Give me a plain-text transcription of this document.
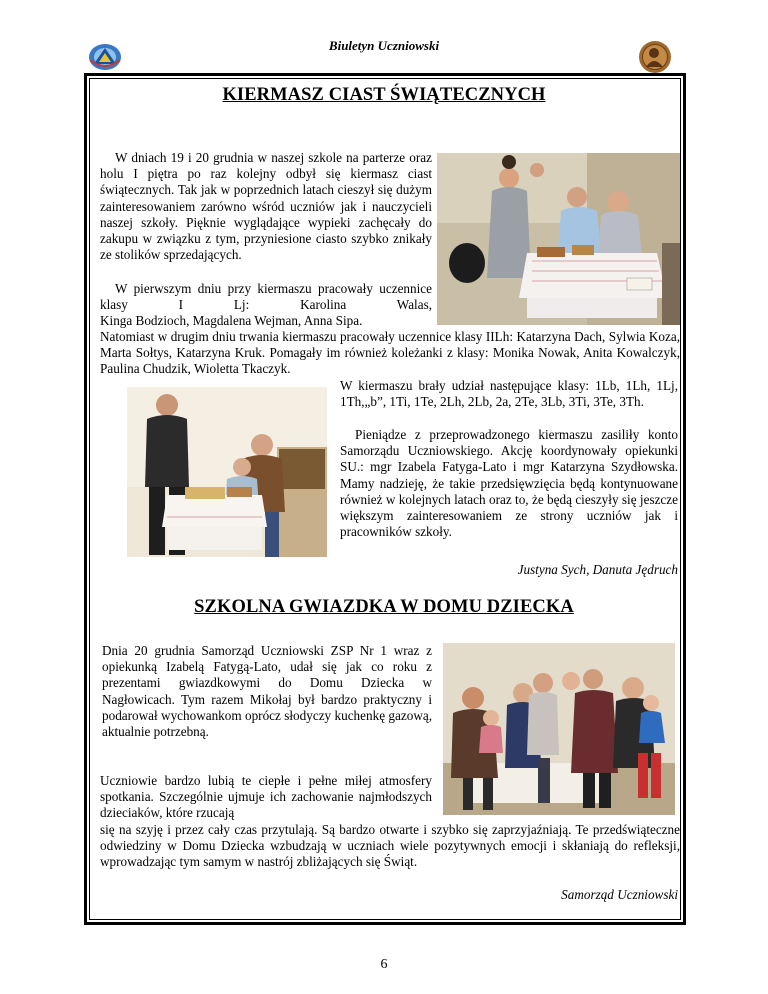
Biuletyn Uczniowski
KIERMASZ CIAST ŚWIĄTECZNYCH
W dniach 19 i 20 grudnia w naszej szkole na parterze oraz holu I piętra po raz kolejny odbył się kiermasz ciast świątecznych. Tak jak w poprzednich latach cieszył się dużym zainteresowaniem zarówno wśród uczniów jak i nauczycieli naszej szkoły. Pięknie wyglądające wypieki zachęcały do zakupu w związku z tym, przyniesione ciasto szybko znikały ze stolików sprzedających.
W pierwszym dniu przy kiermaszu pracowały uczennice klasy I Lj: Karolina Walas,
Kinga Bodzioch, Magdalena Wejman, Anna Sipa.
Natomiast w drugim dniu trwania kiermaszu pracowały uczennice klasy IILh: Katarzyna Dach, Sylwia Koza, Marta Sołtys, Katarzyna Kruk. Pomagały im również koleżanki z klasy: Monika Nowak, Anita Kowalczyk, Paulina Chudzik, Wioletta Tkaczyk.
W kiermaszu brały udział następujące klasy: 1Lb, 1Lh, 1Lj, 1Th,„b”, 1Ti, 1Te, 2Lh, 2Lb, 2a, 2Te, 3Lb, 3Ti, 3Te, 3Th.
Pieniądze z przeprowadzonego kiermaszu zasiliły konto Samorządu Uczniowskiego. Akcję koordynowały opiekunki SU.: mgr Izabela Fatyga-Lato i mgr Katarzyna Szydłowska. Mamy nadzieję, że takie przedsięwzięcia będą kontynuowane również w kolejnych latach oraz to, że będą cieszyły się jeszcze większym zainteresowaniem ze strony uczniów jak i pracowników szkoły.
Justyna Sych, Danuta Jędruch
SZKOLNA GWIAZDKA W DOMU DZIECKA
Dnia 20 grudnia Samorząd Uczniowski ZSP Nr 1 wraz z opiekunką Izabelą Fatygą-Lato, udał się jak co roku z prezentami gwiazdkowymi do Domu Dziecka w Nagłowicach. Tym razem Mikołaj był bardzo praktyczny i podarował wychowankom oprócz słodyczy kuchenkę gazową, aktualnie potrzebną.
Uczniowie bardzo lubią te ciepłe i pełne miłej atmosfery spotkania. Szczególnie ujmuje ich zachowanie najmłodszych dzieciaków, które rzucają
się na szyję i przez cały czas przytulają. Są bardzo otwarte i szybko się zaprzyjaźniają. Te przedświąteczne odwiedziny w Domu Dziecka wzbudzają w uczniach wiele pozytywnych emocji i skłaniają do refleksji, wprowadzając tym samym w nastrój zbliżających się Świąt.
Samorząd Uczniowski
6
